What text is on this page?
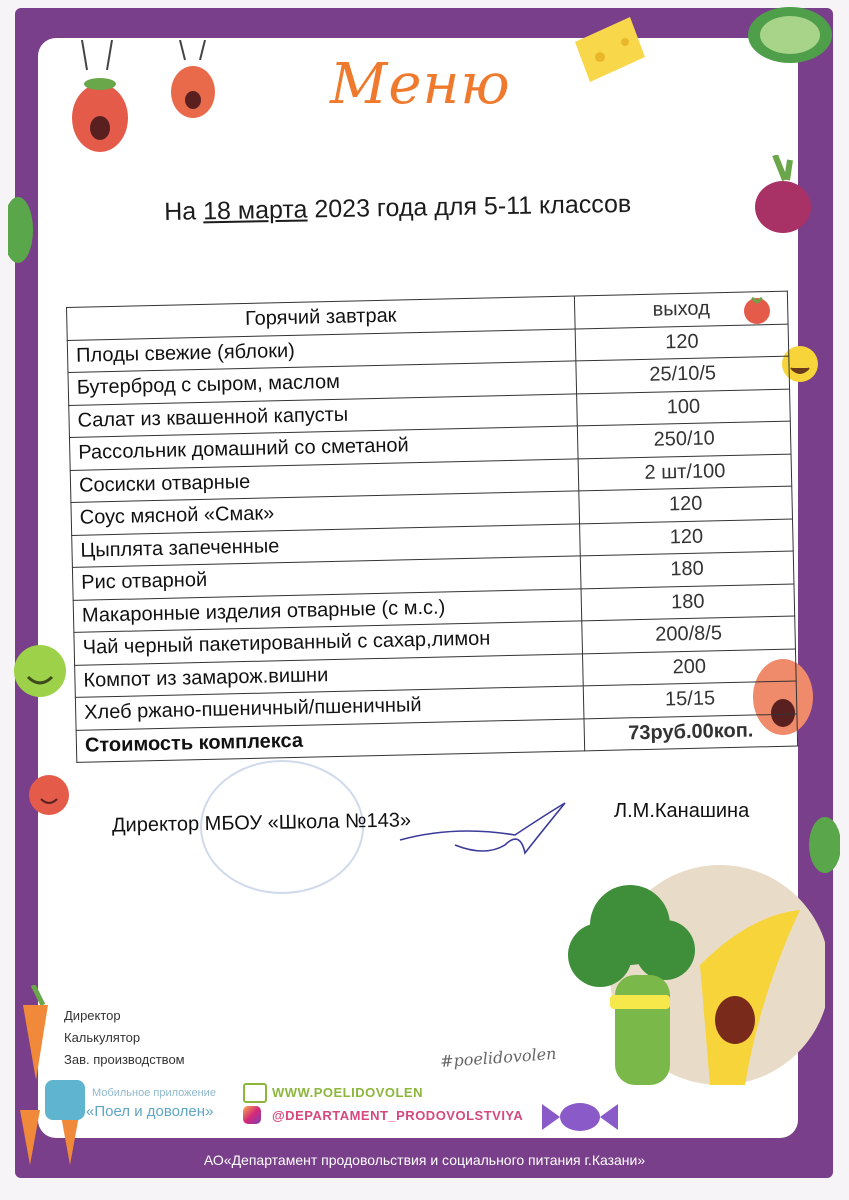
Меню
На 18 марта 2023 года для 5-11 классов
Горячий завтрак	выход
Плоды свежие (яблоки)	120
Бутерброд с сыром, маслом	25/10/5
Салат из квашенной капусты	100
Рассольник домашний со сметаной	250/10
Сосиски отварные	2 шт/100
Соус мясной «Смак»	120
Цыплята запеченные	120
Рис отварной	180
Макаронные изделия отварные (с м.с.)	180
Чай черный пакетированный с сахар,лимон	200/8/5
Компот из замарож.вишни	200
Хлеб ржано-пшеничный/пшеничный	15/15
Стоимость комплекса	73руб.00коп.
Директор МБОУ «Школа №143»	Л.М.Канашина
Директор
Калькулятор
Зав. производством	#poelidovolen
Мобильное приложение
«Поел и доволен»
WWW.POELIDOVOLEN
@DEPARTAMENT_PRODOVOLSTVIYA
АО«Департамент продовольствия и социального питания г.Казани»
